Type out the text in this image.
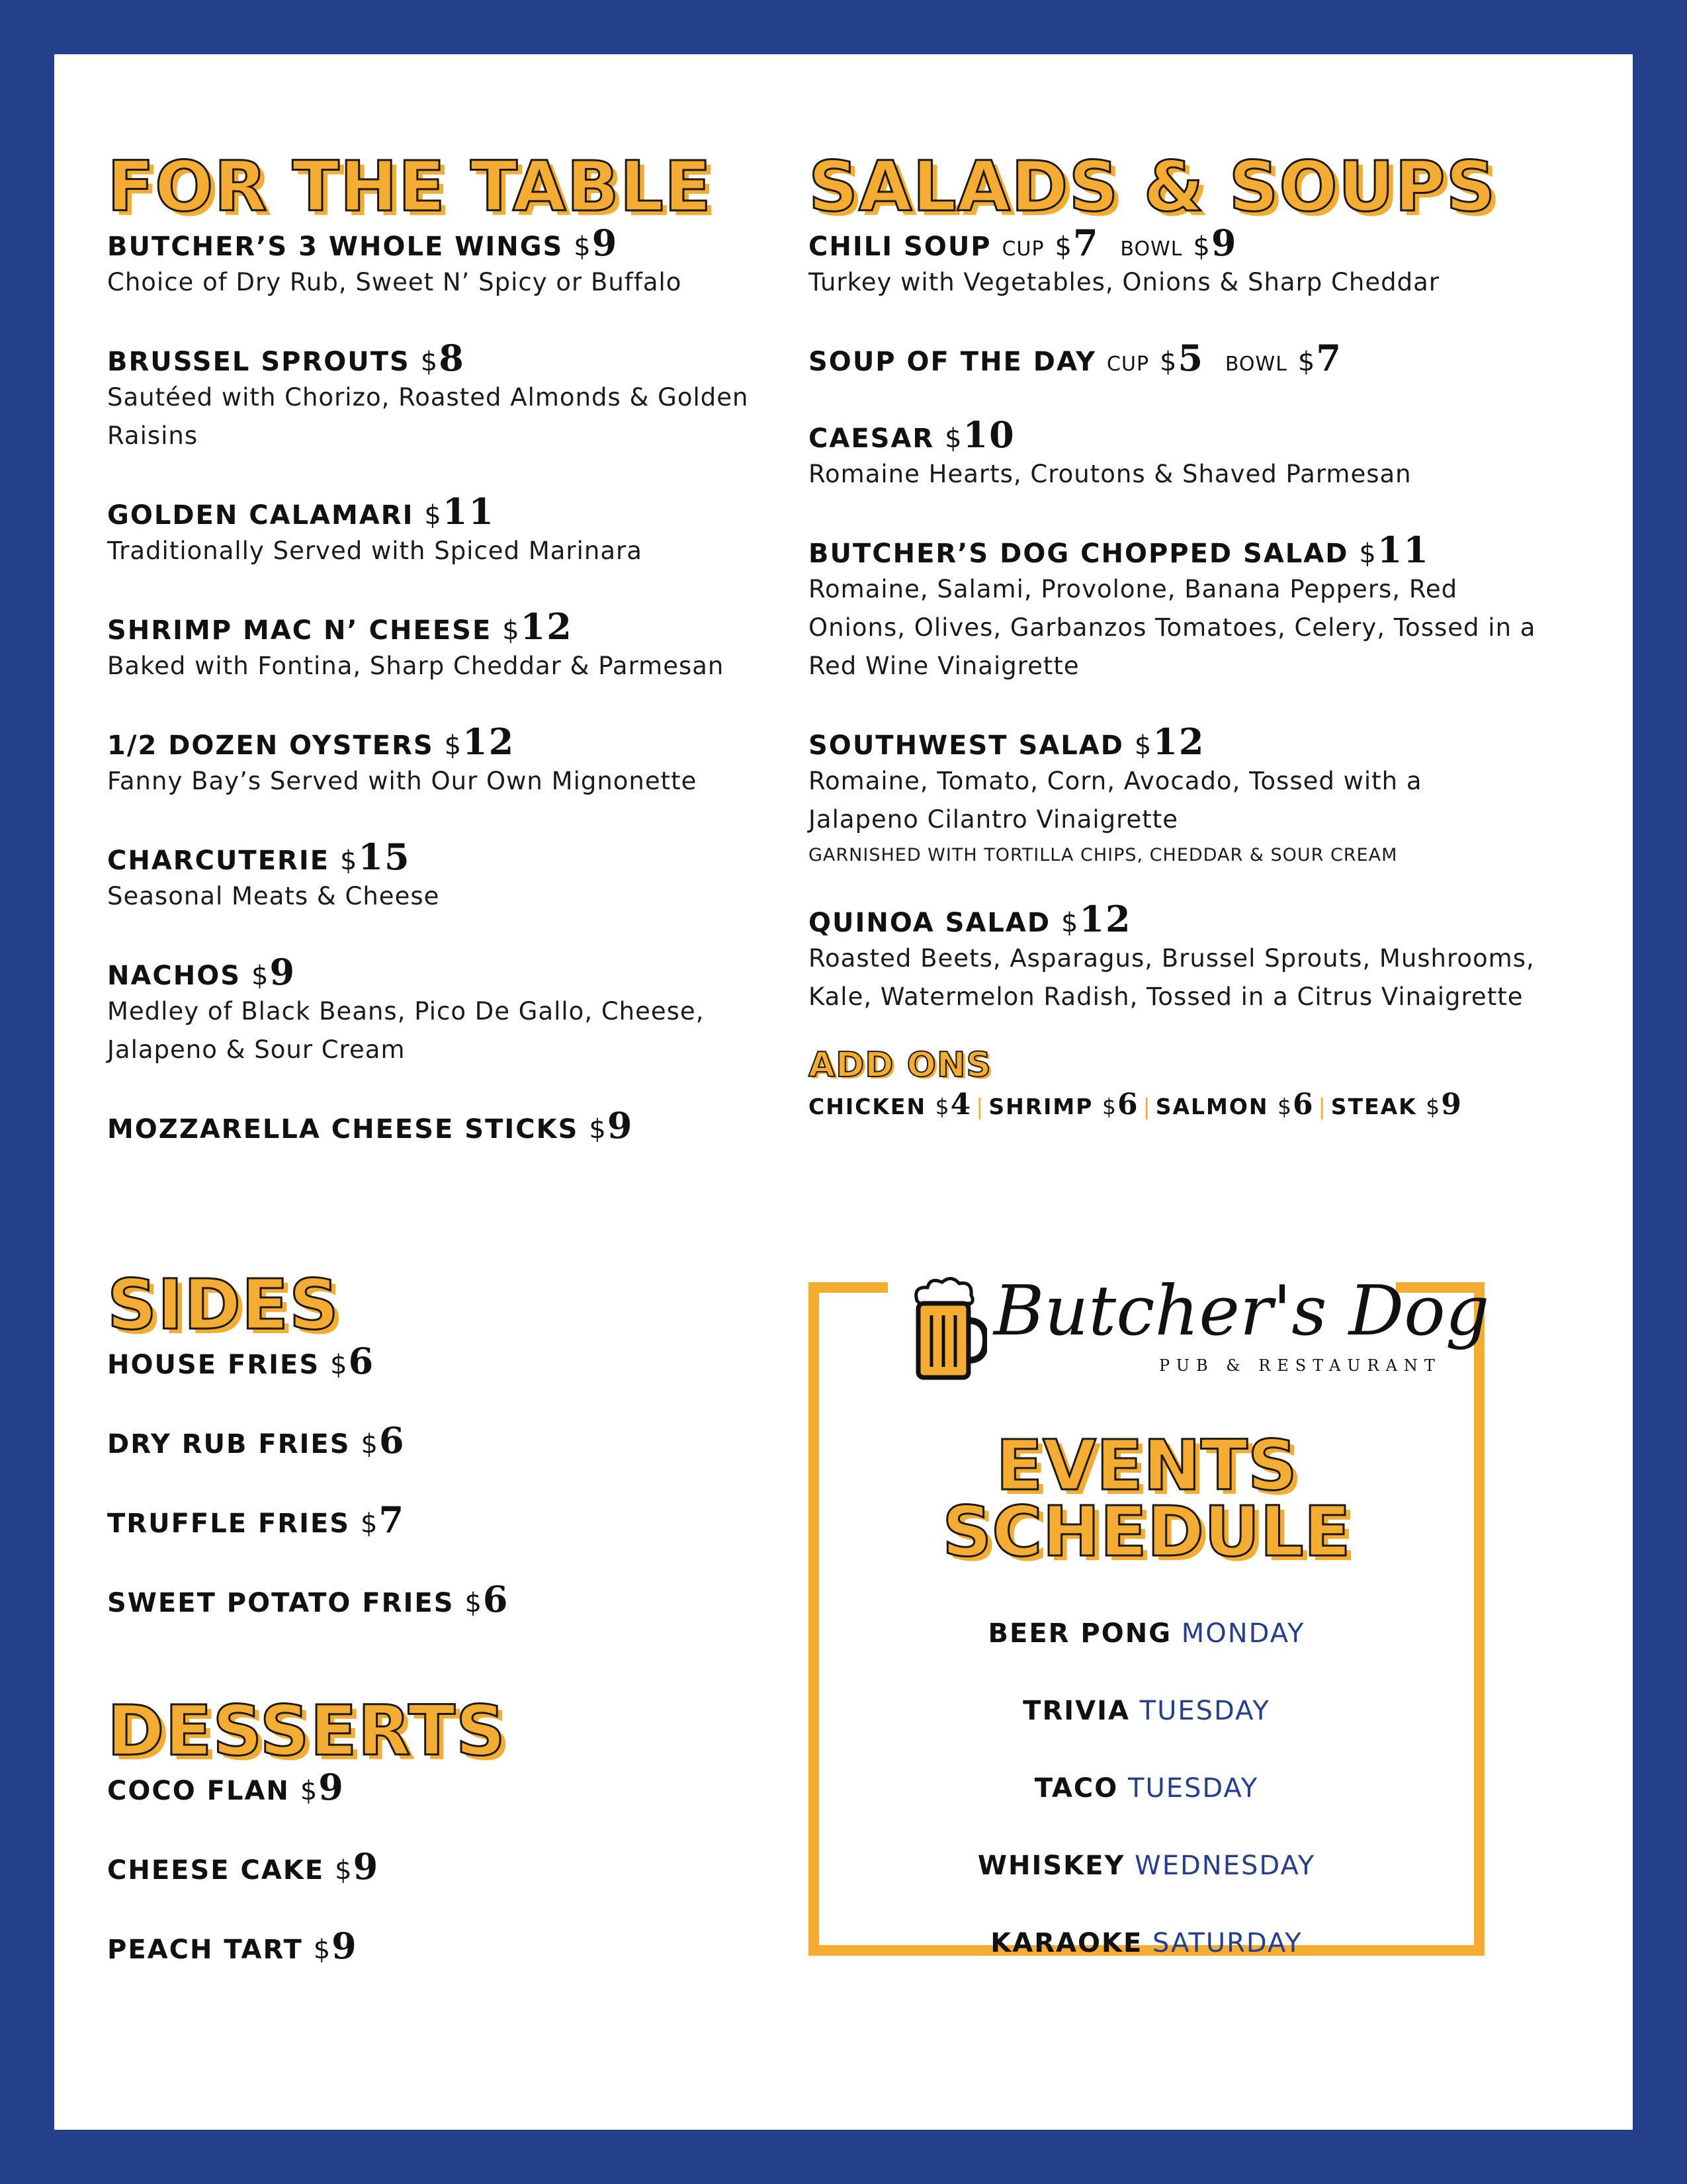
FOR THE TABLE
BUTCHER’S 3 WHOLE WINGS $9
Choice of Dry Rub, Sweet N’ Spicy or Buffalo
BRUSSEL SPROUTS $8
Sautéed with Chorizo, Roasted Almonds & Golden Raisins
GOLDEN CALAMARI $11
Traditionally Served with Spiced Marinara
SHRIMP MAC N’ CHEESE $12
Baked with Fontina, Sharp Cheddar & Parmesan
1/2 DOZEN OYSTERS $12
Fanny Bay’s Served with Our Own Mignonette
CHARCUTERIE $15
Seasonal Meats & Cheese
NACHOS $9
Medley of Black Beans, Pico De Gallo, Cheese, Jalapeno & Sour Cream
MOZZARELLA CHEESE STICKS $9
SALADS & SOUPS
CHILI SOUP CUP $7 BOWL $9
Turkey with Vegetables, Onions & Sharp Cheddar
SOUP OF THE DAY CUP $5 BOWL $7
CAESAR $10
Romaine Hearts, Croutons & Shaved Parmesan
BUTCHER’S DOG CHOPPED SALAD $11
Romaine, Salami, Provolone, Banana Peppers, Red Onions, Olives, Garbanzos Tomatoes, Celery, Tossed in a Red Wine Vinaigrette
SOUTHWEST SALAD $12
Romaine, Tomato, Corn, Avocado, Tossed with a Jalapeno Cilantro Vinaigrette
GARNISHED WITH TORTILLA CHIPS, CHEDDAR & SOUR CREAM
QUINOA SALAD $12
Roasted Beets, Asparagus, Brussel Sprouts, Mushrooms, Kale, Watermelon Radish, Tossed in a Citrus Vinaigrette
ADD ONS
CHICKEN $4 | SHRIMP $6 | SALMON $6 | STEAK $9
SIDES
HOUSE FRIES $6
DRY RUB FRIES $6
TRUFFLE FRIES $7
SWEET POTATO FRIES $6
DESSERTS
COCO FLAN $9
CHEESE CAKE $9
PEACH TART $9
Butcher's Dog
PUB & RESTAURANT
EVENTS
SCHEDULE
BEER PONG MONDAY
TRIVIA TUESDAY
TACO TUESDAY
WHISKEY WEDNESDAY
KARAOKE SATURDAY
